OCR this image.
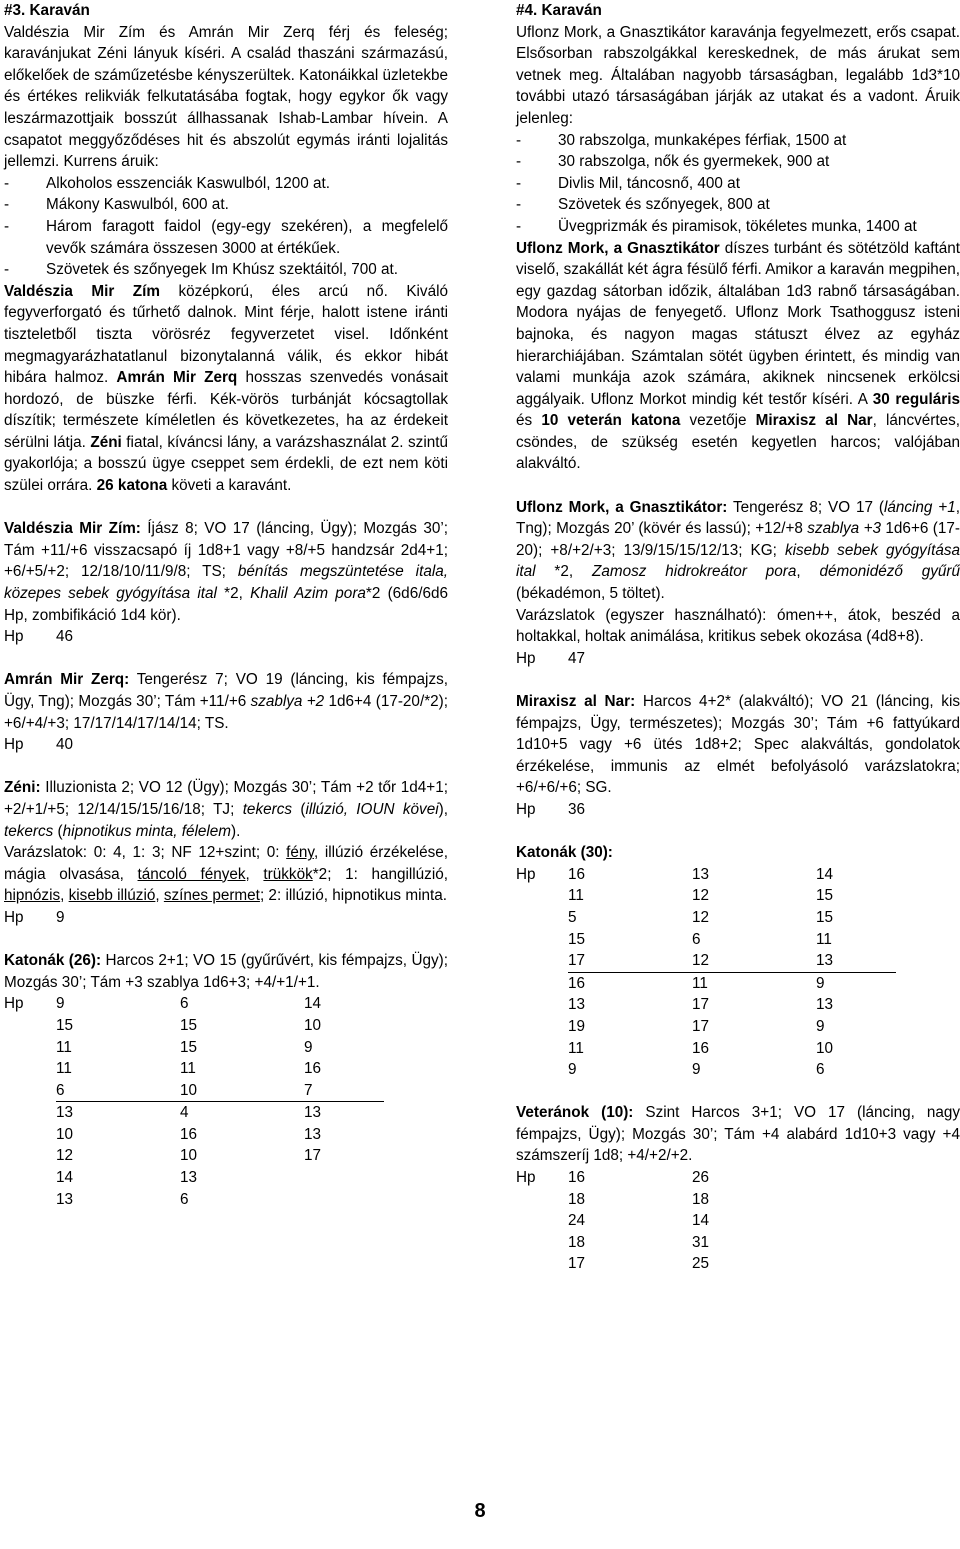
#3. Karaván

Valdészia Mir Zím és Amrán Mir Zerq férj és feleség; karavánjukat Zéni lányuk kíséri. A család thaszáni származású, előkelőek de száműzetésbe kényszerültek. Katonáikkal üzletekbe és értékes relikviák felkutatásába fogtak, hogy egykor ők vagy leszármazottjaik bosszút állhassanak Ishab-Lambar hívein. A csapatot meggyőződéses hit és abszolút egymás iránti lojalitás jellemzi. Kurrens áruik:

- Alkoholos esszenciák Kaswulból, 1200 at.
- Mákony Kaswulból, 600 at.
- Három faragott faidol (egy-egy szekéren), a megfelelő vevők számára összesen 3000 at értékűek.
- Szövetek és szőnyegek Im Khúsz szektáitól, 700 at.

Valdészia Mir Zím középkorú, éles arcú nő. Kiváló fegyverforgató és tűrhető dalnok. Mint férje, halott istene iránti tiszteletből tiszta vörösréz fegyverzetet visel. Időnként megmagyarázhatatlanul bizonytalanná válik, és ekkor hibát hibára halmoz. Amrán Mir Zerq hosszas szenvedés vonásait hordozó, de büszke férfi. Kék-vörös turbánját kócsagtollak díszítik; természete kíméletlen és következetes, ha az érdekeit sérülni látja. Zéni fiatal, kíváncsi lány, a varázshasználat 2. szintű gyakorlója; a bosszú ügye cseppet sem érdekli, de ezt nem köti szülei orrára. 26 katona követi a karavánt.

Valdészia Mir Zím: Íjász 8; VO 17 (láncing, Ügy); Mozgás 30’; Tám +11/+6 visszacsapó íj 1d8+1 vagy +8/+5 handzsár 2d4+1; +6/+5/+2; 12/18/10/11/9/8; TS; bénítás megszüntetése itala, közepes sebek gyógyítása ital *2, Khalil Azim pora*2 (6d6/6d6 Hp, zombifikáció 1d4 kör).

Hp	46

Amrán Mir Zerq: Tengerész 7; VO 19 (láncing, kis fémpajzs, Ügy, Tng); Mozgás 30’; Tám +11/+6 szablya +2 1d6+4 (17-20/*2); +6/+4/+3; 17/17/14/17/14/14; TS.

Hp	40

Zéni: Illuzionista 2; VO 12 (Ügy); Mozgás 30’; Tám +2 tőr 1d4+1; +2/+1/+5; 12/14/15/15/16/18; TJ; tekercs (illúzió, IOUN kövei), tekercs (hipnotikus minta, félelem).

Varázslatok: 0: 4, 1: 3; NF 12+szint; 0: fény, illúzió érzékelése, mágia olvasása, táncoló fények, trükkök*2; 1: hangillúzió, hipnózis, kisebb illúzió, színes permet; 2: illúzió, hipnotikus minta.

Hp	9

Katonák (26): Harcos 2+1; VO 15 (gyűrűvért, kis fémpajzs, Ügy); Mozgás 30’; Tám +3 szablya 1d6+3; +4/+1/+1.

Hp	9	6	14
15	15	10
11	15	9
11	11	16
6	10	7
13	4	13
10	16	13
12	10	17
14	13
13	6

#4. Karaván

Uflonz Mork, a Gnasztikátor karavánja fegyelmezett, erős csapat. Elsősorban rabszolgákkal kereskednek, de más árukat sem vetnek meg. Általában nagyobb társaságban, legalább 1d3*10 további utazó társaságában járják az utakat és a vadont. Áruik jelenleg:

- 30 rabszolga, munkaképes férfiak, 1500 at
- 30 rabszolga, nők és gyermekek, 900 at
- Divlis Mil, táncosnő, 400 at
- Szövetek és szőnyegek, 800 at
- Üvegprizmák és piramisok, tökéletes munka, 1400 at

Uflonz Mork, a Gnasztikátor díszes turbánt és sötétzöld kaftánt viselő, szakállát két ágra fésülő férfi. Amikor a karaván megpihen, egy gazdag sátorban időzik, általában 1d3 rabnő társaságában. Modora nyájas de fenyegető. Uflonz Mork Tsathoggusz isteni bajnoka, és nagyon magas státuszt élvez az egyház hierarchiájában. Számtalan sötét ügyben érintett, és mindig van valami munkája azok számára, akiknek nincsenek erkölcsi aggályaik. Uflonz Morkot mindig két testőr kíséri. A 30 reguláris és 10 veterán katona vezetője Miraxisz al Nar, láncvértes, csöndes, de szükség esetén kegyetlen harcos; valójában alakváltó.

Uflonz Mork, a Gnasztikátor: Tengerész 8; VO 17 (láncing +1, Tng); Mozgás 20’ (kövér és lassú); +12/+8 szablya +3 1d6+6 (17-20); +8/+2/+3; 13/9/15/15/12/13; KG; kisebb sebek gyógyítása ital *2, Zamosz hidrokreátor pora, démonidéző gyűrű (békadémon, 5 töltet).

Varázslatok (egyszer használható): ómen++, átok, beszéd a holtakkal, holtak animálása, kritikus sebek okozása (4d8+8).

Hp	47

Miraxisz al Nar: Harcos 4+2* (alakváltó); VO 21 (láncing, kis fémpajzs, Ügy, természetes); Mozgás 30’; Tám +6 fattyúkard 1d10+5 vagy +6 ütés 1d8+2; Spec alakváltás, gondolatok érzékelése, immunis az elmét befolyásoló varázslatokra; +6/+6/+6; SG.

Hp	36

Katonák (30):

Hp	16	13	14
11	12	15
5	12	15
15	6	11
17	12	13
16	11	9
13	17	13
19	17	9
11	16	10
9	9	6

Veteránok (10): Szint Harcos 3+1; VO 17 (láncing, nagy fémpajzs, Ügy); Mozgás 30’; Tám +4 alabárd 1d10+3 vagy +4 számszeríj 1d8; +4/+2/+2.

Hp	16	26
18	18
24	14
18	31
17	25
8
